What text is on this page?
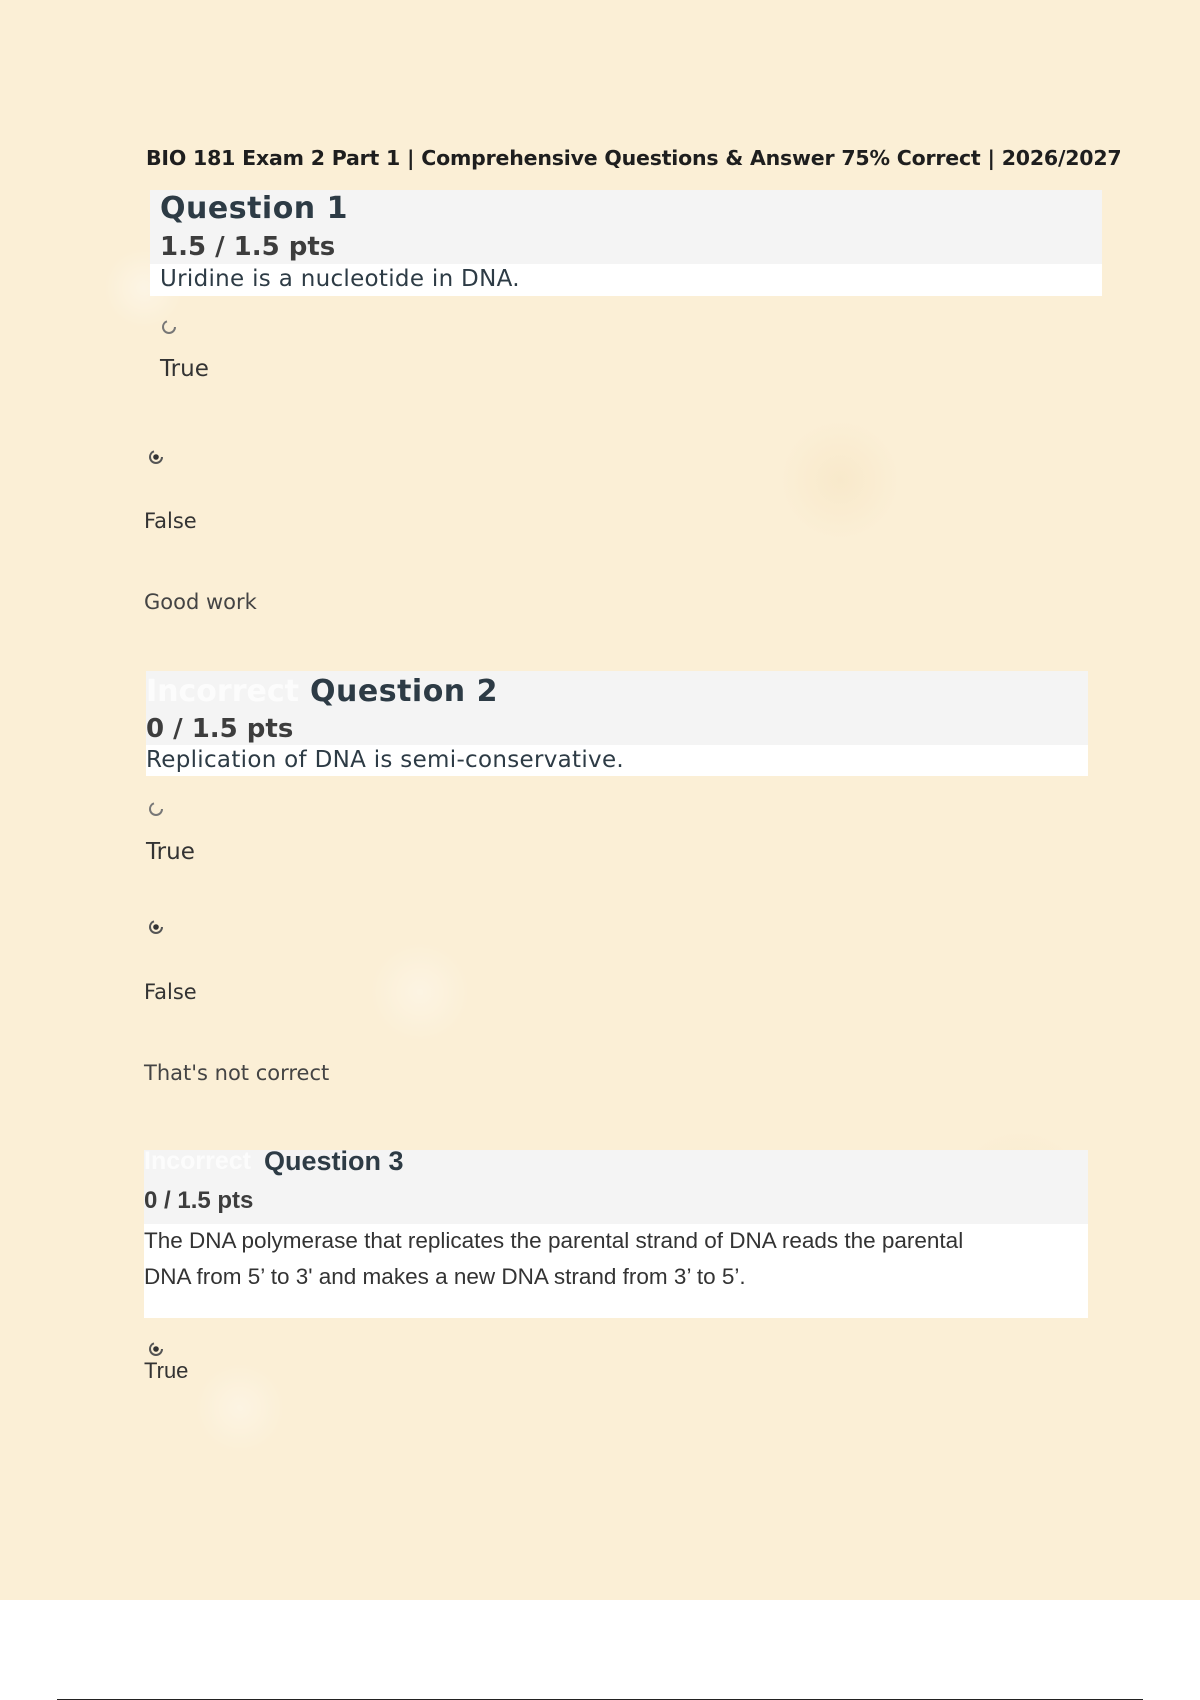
BIO 181 Exam 2 Part 1 | Comprehensive Questions & Answer 75% Correct | 2026/2027
Question 1
1.5 / 1.5 pts
Uridine is a nucleotide in DNA.
True
False
Good work
Incorrect Question 2
0 / 1.5 pts
Replication of DNA is semi-conservative.
True
False
That's not correct
Incorrect Question 3
0 / 1.5 pts
The DNA polymerase that replicates the parental strand of DNA reads the parental
DNA from 5’ to 3' and makes a new DNA strand from 3’ to 5’.
True
